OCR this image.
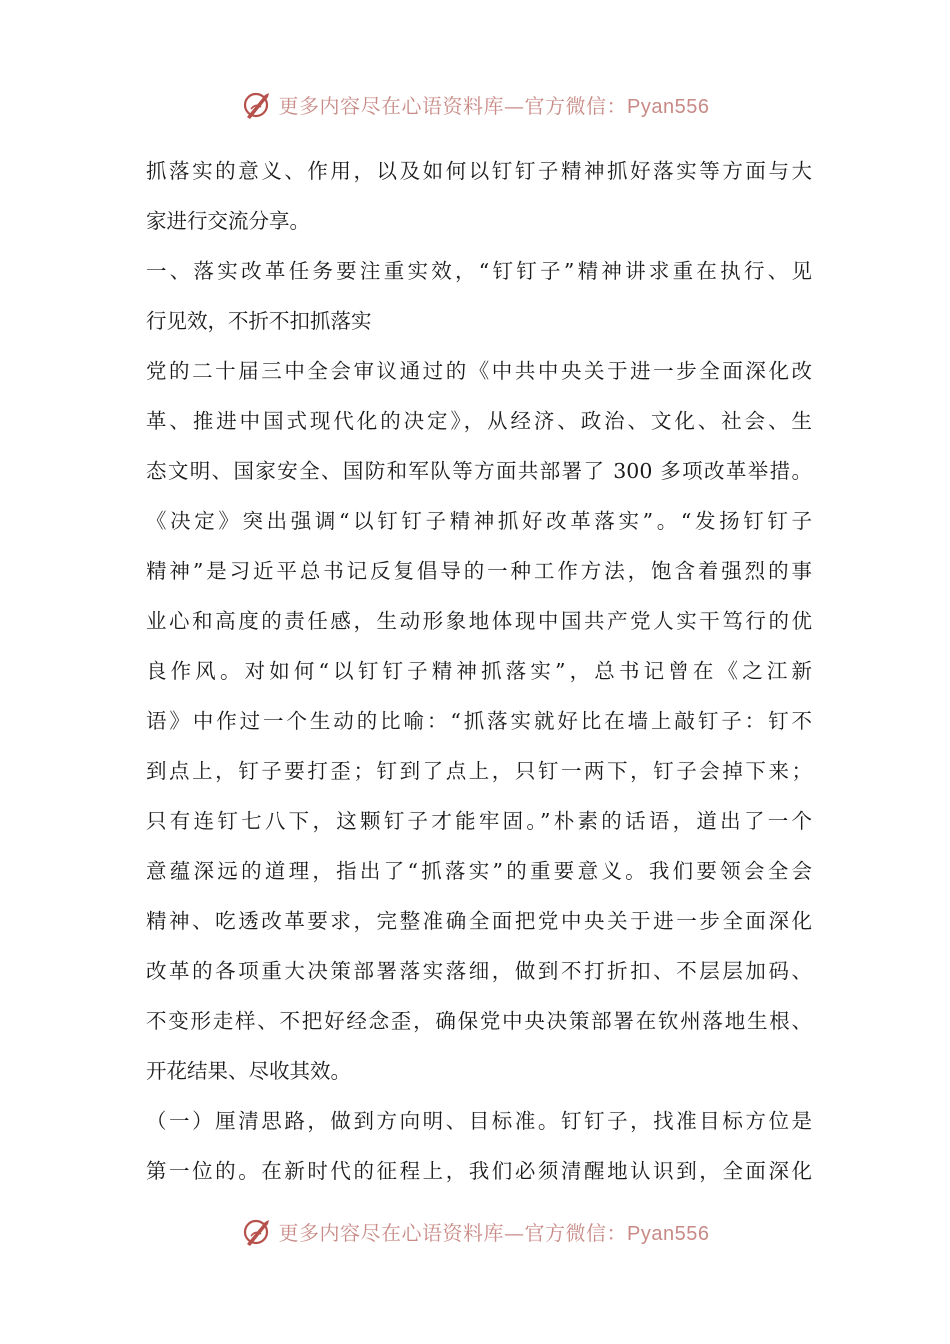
更多内容尽在心语资料库—官方微信：Pyan556
抓落实的意义、作用，以及如何以钉钉子精神抓好落实等方面与大
家进行交流分享。
一、落实改革任务要注重实效，“钉钉子”精神讲求重在执行、见
行见效，不折不扣抓落实
党的二十届三中全会审议通过的《中共中央关于进一步全面深化改
革、推进中国式现代化的决定》，从经济、政治、文化、社会、生
态文明、国家安全、国防和军队等方面共部署了 300 多项改革举措。
《决定》突出强调“以钉钉子精神抓好改革落实”。“发扬钉钉子
精神”是习近平总书记反复倡导的一种工作方法，饱含着强烈的事
业心和高度的责任感，生动形象地体现中国共产党人实干笃行的优
良作风。对如何“以钉钉子精神抓落实”，总书记曾在《之江新
语》中作过一个生动的比喻：“抓落实就好比在墙上敲钉子：钉不
到点上，钉子要打歪；钉到了点上，只钉一两下，钉子会掉下来；
只有连钉七八下，这颗钉子才能牢固。”朴素的话语，道出了一个
意蕴深远的道理，指出了“抓落实”的重要意义。我们要领会全会
精神、吃透改革要求，完整准确全面把党中央关于进一步全面深化
改革的各项重大决策部署落实落细，做到不打折扣、不层层加码、
不变形走样、不把好经念歪，确保党中央决策部署在钦州落地生根、
开花结果、尽收其效。
（一）厘清思路，做到方向明、目标准。钉钉子，找准目标方位是
第一位的。在新时代的征程上，我们必须清醒地认识到，全面深化
更多内容尽在心语资料库—官方微信：Pyan556
